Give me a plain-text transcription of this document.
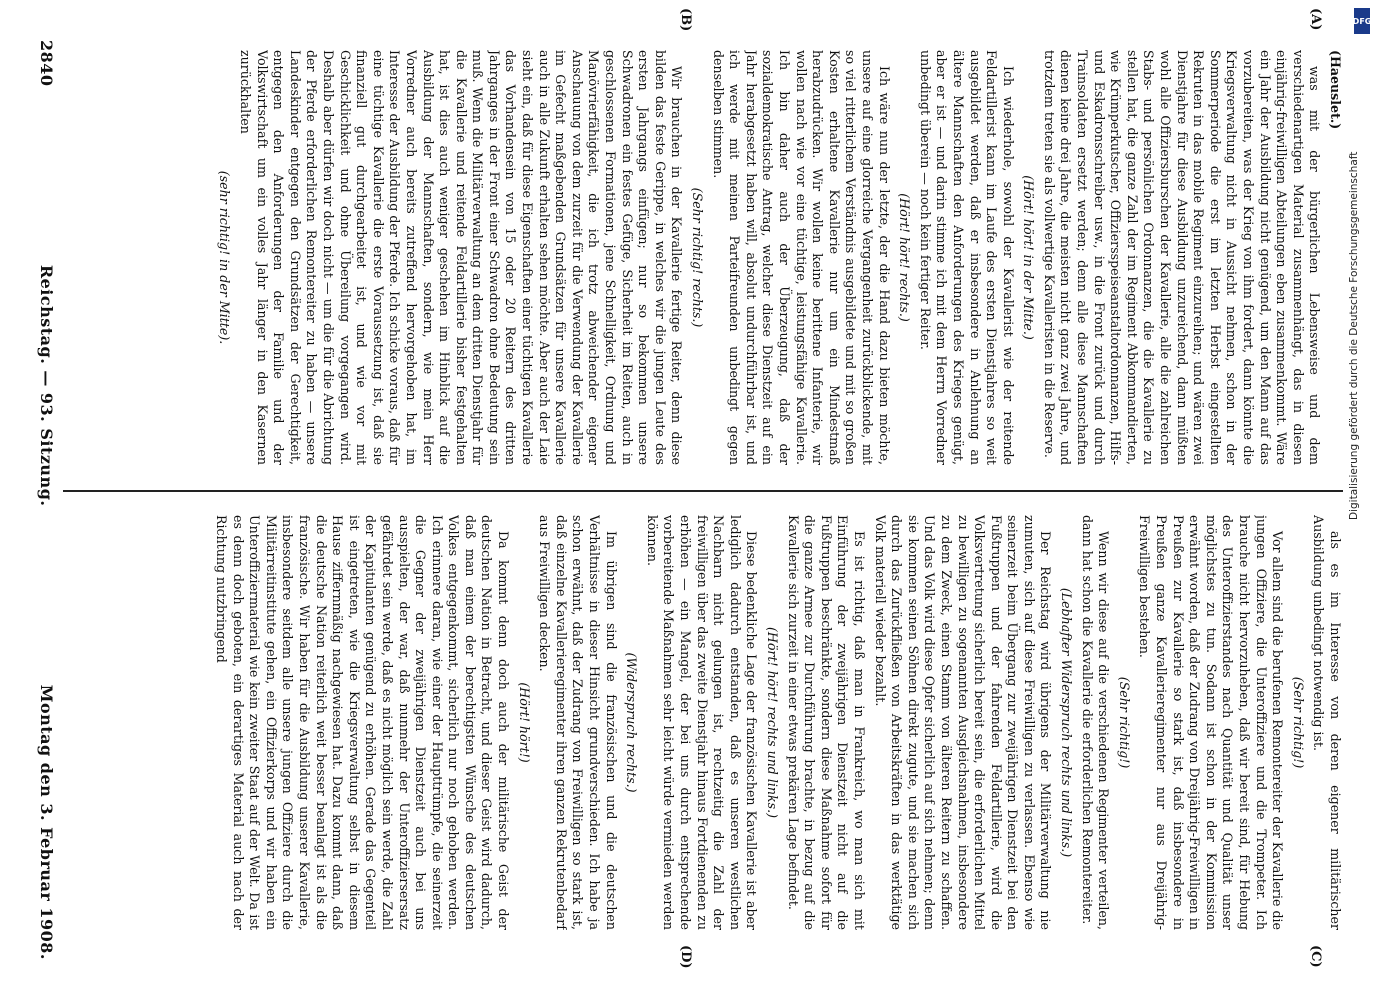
2840
Reichstag. — 93. Sitzung.
Montag den 3. Februar 1908.
(A)
(B)
(C)
(D)

(Haeuslet.)

was mit der bürgerlichen Lebensweise und dem verschiedenartigen Material zusammenhängt, das in diesen einjährig-freiwilligen Abteilungen eben zusammenkommt. Wäre ein Jahr der Ausbildung nicht genügend, um den Mann auf das vorzubereiten, was der Krieg von ihm fordert, dann könnte die Kriegsverwaltung nicht in Aussicht nehmen, schon in der Sommerperiode die erst im letzten Herbst eingestellten Rekruten in das mobile Regiment einzureihen; und wären zwei Dienstjahre für diese Ausbildung unzureichend, dann müßten wohl alle Offiziersburschen der Kavallerie, alle die zahlreichen Stabs- und persönlichen Ordonnanzen, die die Kavallerie zu stellen hat, die ganze Zahl der im Regiment Abkommandierten, wie Krümperkutscher, Offiziersspeiseanstaltordonnanzen, Hilfs- und Eskadronsschreiber usw., in die Front zurück und durch Trainsoldaten ersetzt werden; denn alle diese Mannschaften dienen keine drei Jahre, die meisten nicht ganz zwei Jahre, und trotzdem treten sie als vollwertige Kavalleristen in die Reserve.

(Hört! hört! in der Mitte.)

Ich wiederhole, sowohl der Kavallerist wie der reitende Feldartillerist kann im Laufe des ersten Dienstjahres so weit ausgebildet werden, daß er insbesondere in Anlehnung an ältere Mannschaften den Anforderungen des Krieges genügt, aber er ist — und darin stimme ich mit dem Herrn Vorredner unbedingt überein — noch kein fertiger Reiter.

(Hört! hört! rechts.)

Ich wäre nun der letzte, der die Hand dazu bieten möchte, unsere auf eine glorreiche Vergangenheit zurückblickende, mit so viel ritterlichem Verständnis ausgebildete und mit so großen Kosten erhaltene Kavallerie nur um ein Mindestmaß herabzudrücken. Wir wollen keine berittene Infanterie, wir wollen nach wie vor eine tüchtige, leistungsfähige Kavallerie. Ich bin daher auch der Überzeugung, daß der sozialdemokratische Antrag, welcher diese Dienstzeit auf ein Jahr herabgesetzt haben will, absolut undurchführbar ist, und ich werde mit meinen Parteifreunden unbedingt gegen denselben stimmen.

(Sehr richtig! rechts.)

Wir brauchen in der Kavallerie fertige Reiter, denn diese bilden das feste Gerippe, in welches wir die jungen Leute des ersten Jahrgangs einfügen; nur so bekommen unsere Schwadronen ein festes Gefüge, Sicherheit im Reiten, auch in geschlossenen Formationen, jene Schnelligkeit, Ordnung und Manövrierfähigkeit, die ich trotz abweichender eigener Anschauung von dem zurzeit für die Verwendung der Kavallerie im Gefecht maßgebenden Grundsätzen für unsere Kavallerie auch in alle Zukunft erhalten sehen möchte. Aber auch der Laie sieht ein, daß für diese Eigenschaften einer tüchtigen Kavallerie das Vorhandensein von 15 oder 20 Reitern des dritten Jahrganges in der Front einer Schwadron ohne Bedeutung sein muß. Wenn die Militärverwaltung an dem dritten Dienstjahr für die Kavallerie und reitende Feldartillerie bisher festgehalten hat, ist dies auch weniger geschehen im Hinblick auf die Ausbildung der Mannschaften, sondern, wie mein Herr Vorredner auch bereits zutreffend hervorgehoben hat, im Interesse der Ausbildung der Pferde. Ich schicke voraus, daß für eine tüchtige Kavallerie die erste Voraussetzung ist, daß sie finanziell gut durchgearbeitet ist, und wie vor mit Geschicklichkeit und ohne Übereilung vorgegangen wird. Deshalb aber dürfen wir doch nicht — um die für die Abrichtung der Pferde erforderlichen Remontereiter zu haben — unsere Landeskinder entgegen den Grundsätzen der Gerechtigkeit, entgegen den Anforderungen der Familie und der Volkswirtschaft um ein volles Jahr länger in den Kasernen zurückhalten

(sehr richtig! in der Mitte).

als es im Interesse von deren eigener militärischer Ausbildung unbedingt notwendig ist.

(Sehr richtig!)

Vor allem sind die berufenen Remontereiter der Kavallerie die jungen Offiziere, die Unteroffiziere und die Trompeter. Ich brauche nicht hervorzuheben, daß wir bereit sind, für Hebung des Unteroffizierstandes nach Quantität und Qualität unser möglichstes zu tun. Sodann ist schon in der Kommission erwähnt worden, daß der Zudrang von Dreijährig-Freiwilligen in Preußen zur Kavallerie so stark ist, daß insbesondere in Preußen ganze Kavallerieregimenter nur aus Dreijährig-Freiwilligen bestehen.

(Sehr richtig!)

Wenn wir diese auf die verschiedenen Regimenter verteilen, dann hat schon die Kavallerie die erforderlichen Remontereiter.

(Lebhafter Widerspruch rechts und links.)

Der Reichstag wird übrigens der Militärverwaltung nie zumuten, sich auf diese Freiwilligen zu verlassen. Ebenso wie seinerzeit beim Übergang zur zweijährigen Dienstzeit bei den Fußtruppen und der fahrenden Feldartillerie, wird die Volksvertretung sicherlich bereit sein, die erforderlichen Mittel zu bewilligen zu sogenannten Ausgleichsnahmen, insbesondere zu dem Zweck, einen Stamm von älteren Reitern zu schaffen. Und das Volk wird diese Opfer sicherlich auf sich nehmen; denn sie kommen seinen Söhnen direkt zugute, und sie machen sich durch das Zurückfließen von Arbeitskräften in das werktätige Volk materiell wieder bezahlt.

Es ist richtig, daß man in Frankreich, wo man sich mit Einführung der zweijährigen Dienstzeit nicht auf die Fußtruppen beschränkte, sondern diese Maßnahme sofort für die ganze Armee zur Durchführung brachte, in bezug auf die Kavallerie sich zurzeit in einer etwas prekären Lage befindet.

(Hört! hört! rechts und links.)

Diese bedenkliche Lage der französischen Kavallerie ist aber lediglich dadurch entstanden, daß es unseren westlichen Nachbarn nicht gelungen ist, rechtzeitig die Zahl der freiwilligen über das zweite Dienstjahr hinaus Fortdienenden zu erhöhen — ein Mangel, der bei uns durch entsprechende vorbereitende Maßnahmen sehr leicht würde vermieden werden können.

(Widerspruch rechts.)

Im übrigen sind die französischen und die deutschen Verhältnisse in dieser Hinsicht grundverschieden. Ich habe ja schon erwähnt, daß der Zudrang von Freiwilligen so stark ist, daß einzelne Kavallerieregimenter ihren ganzen Rekrutenbedarf aus Freiwilligen decken.

(Hört! hört!)

Da kommt denn doch auch der militärische Geist der deutschen Nation in Betracht, und dieser Geist wird dadurch, daß man einem der berechtigsten Wünsche des deutschen Volkes entgegenkommt, sicherlich nur noch gehoben werden. Ich erinnere daran, wie einer der Haupttrümpfe, die seinerzeit die Gegner der zweijährigen Dienstzeit auch bei uns ausspielten, der war, daß nunmehr der Unteroffiziersersatz gefährdet sein werde, daß es nicht möglich sein werde, die Zahl der Kapitulanten genügend zu erhöhen. Gerade das Gegenteil ist eingetreten, wie die Kriegsverwaltung selbst in diesem Hause ziffernmäßig nachgewiesen hat. Dazu kommt dann, daß die deutsche Nation reiterlich weit besser beanlagt ist als die französische. Wir haben für die Ausbildung unserer Kavallerie, insbesondere seitdem alle unsere jungen Offiziere durch die Militärreitinstitute gehen, ein Offizierkorps und wir haben ein Unteroffiziermaterial wie kein zweiter Staat auf der Welt. Da ist es denn doch geboten, ein derartiges Material auch nach der Richtung nutzbringend

DFG
Digitalisierung gefördert durch die Deutsche Forschungsgemeinschaft
